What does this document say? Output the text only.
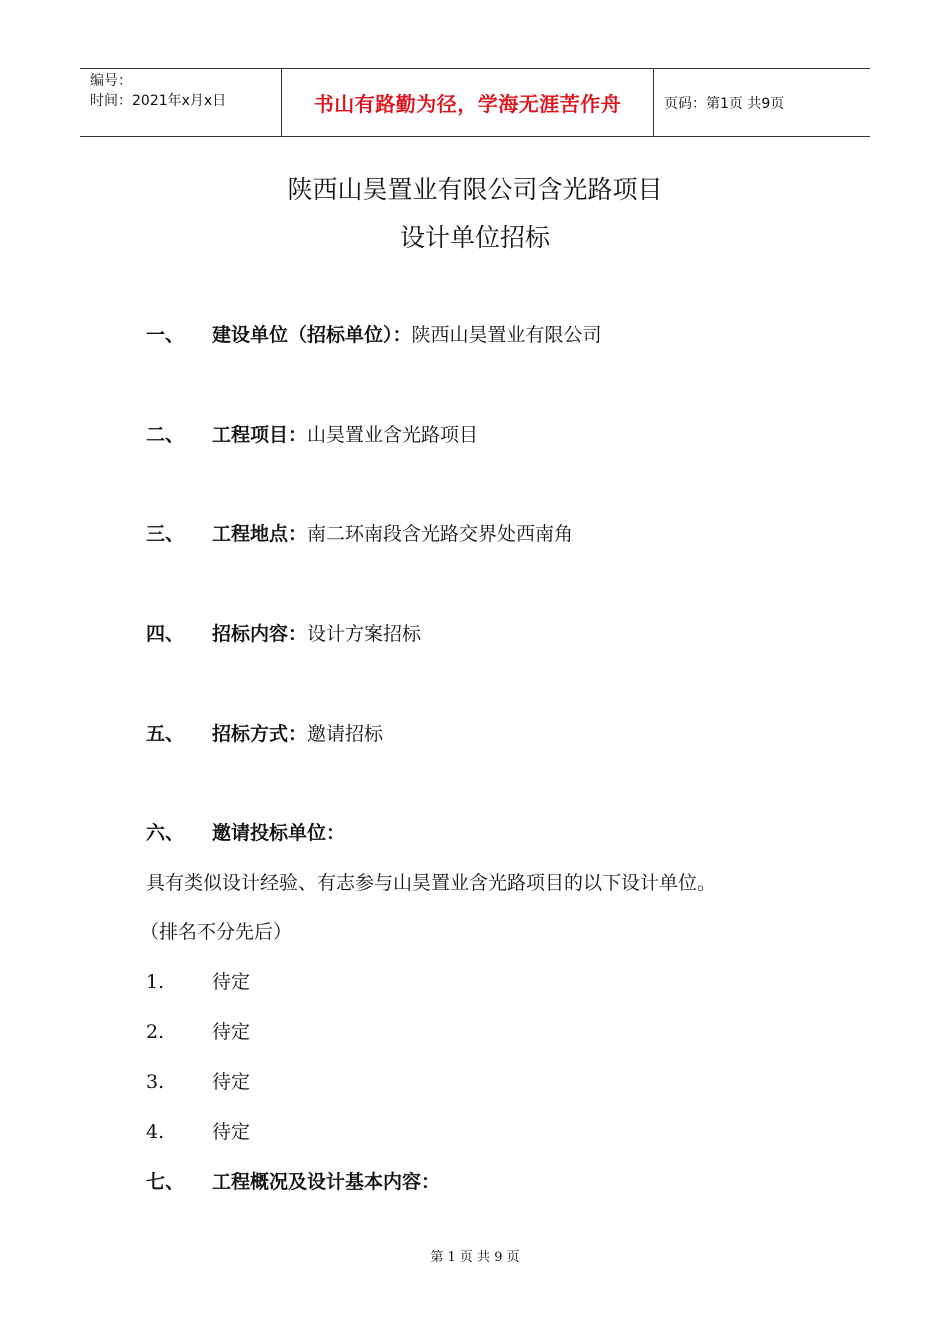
编号：
时间：2021年x月x日	书山有路勤为径，学海无涯苦作舟	页码：第1页 共9页
陕西山昊置业有限公司含光路项目
设计单位招标
一、 建设单位（招标单位）：陕西山昊置业有限公司
二、 工程项目：山昊置业含光路项目
三、 工程地点：南二环南段含光路交界处西南角
四、 招标内容：设计方案招标
五、 招标方式：邀请招标
六、 邀请投标单位：
具有类似设计经验、有志参与山昊置业含光路项目的以下设计单位。
（排名不分先后）
1.	待定
2.	待定
3.	待定
4.	待定
七、 工程概况及设计基本内容：
第 1 页 共 9 页
